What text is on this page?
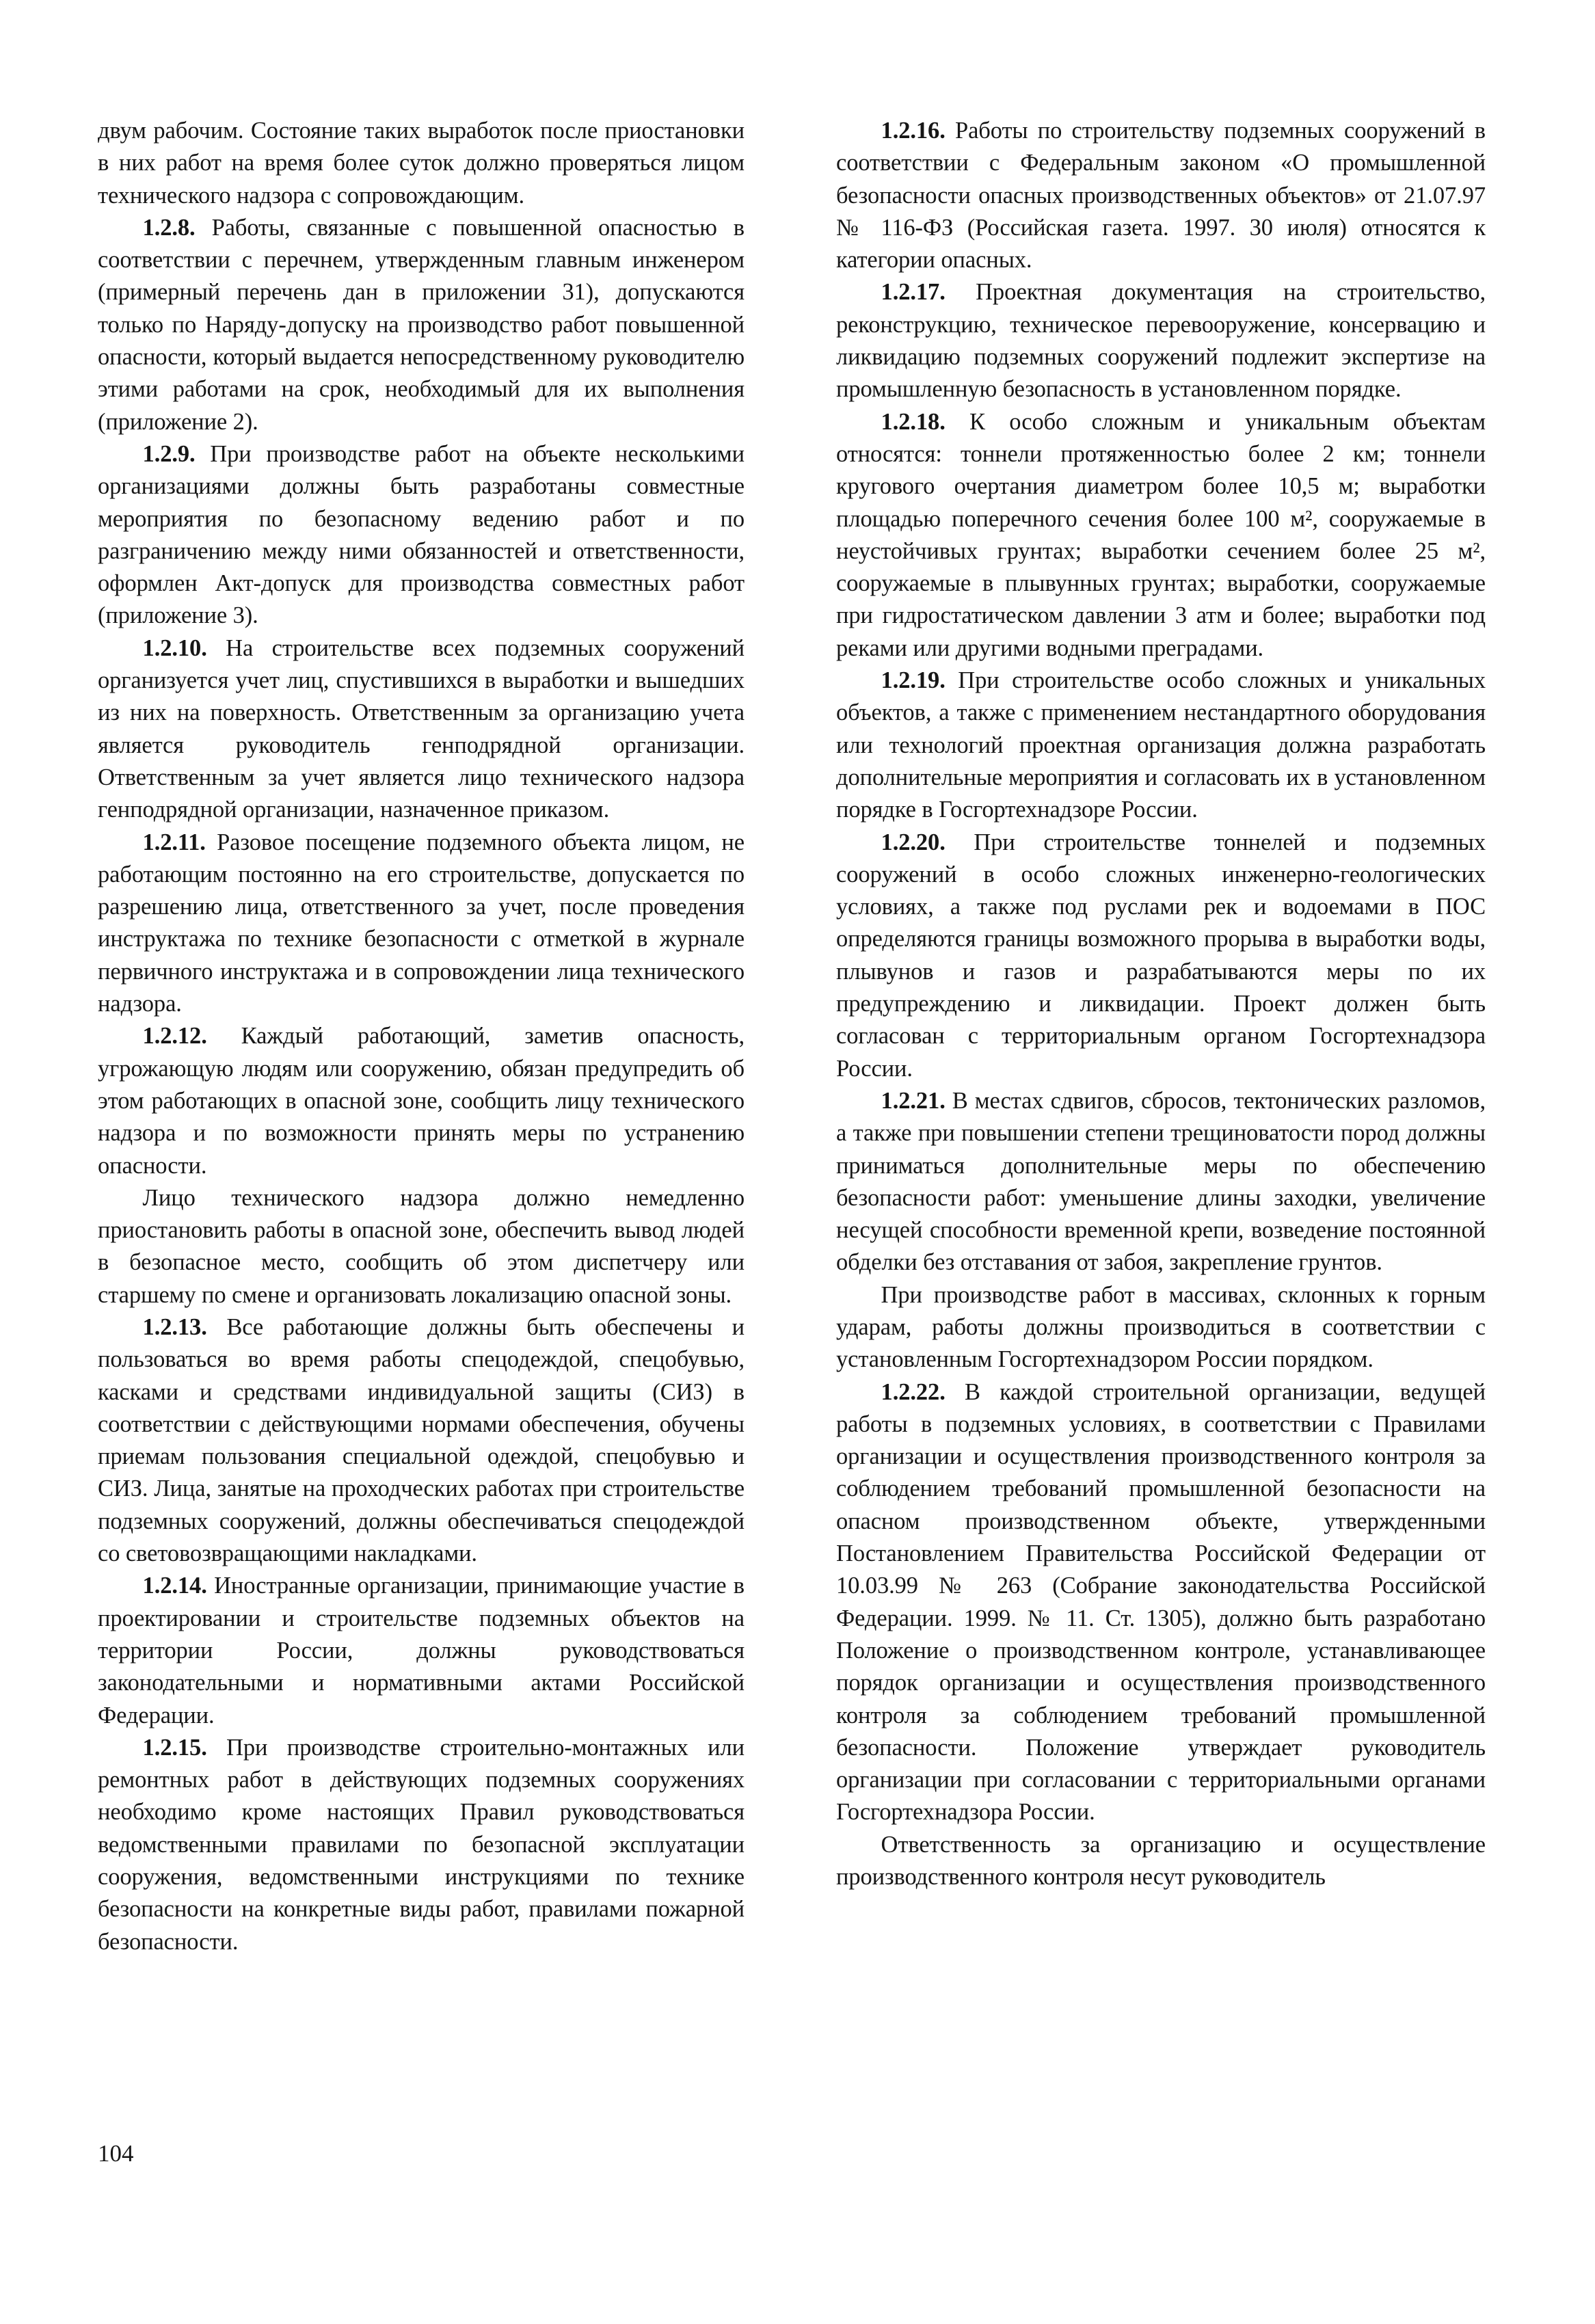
двум рабочим. Состояние таких выработок после приостановки в них работ на время более суток должно проверяться лицом технического надзора с сопровождающим.

1.2.8. Работы, связанные с повышенной опасностью в соответствии с перечнем, утвержденным главным инженером (примерный перечень дан в приложении 31), допускаются только по Наряду-допуску на производство работ повышенной опасности, который выдается непосредственному руководителю этими работами на срок, необходимый для их выполнения (приложение 2).

1.2.9. При производстве работ на объекте несколькими организациями должны быть разработаны совместные мероприятия по безопасному ведению работ и по разграничению между ними обязанностей и ответственности, оформлен Акт-допуск для производства совместных работ (приложение 3).

1.2.10. На строительстве всех подземных сооружений организуется учет лиц, спустившихся в выработки и вышедших из них на поверхность. Ответственным за организацию учета является руководитель генподрядной организации. Ответственным за учет является лицо технического надзора генподрядной организации, назначенное приказом.

1.2.11. Разовое посещение подземного объекта лицом, не работающим постоянно на его строительстве, допускается по разрешению лица, ответственного за учет, после проведения инструктажа по технике безопасности с отметкой в журнале первичного инструктажа и в сопровождении лица технического надзора.

1.2.12. Каждый работающий, заметив опасность, угрожающую людям или сооружению, обязан предупредить об этом работающих в опасной зоне, сообщить лицу технического надзора и по возможности принять меры по устранению опасности.

Лицо технического надзора должно немедленно приостановить работы в опасной зоне, обеспечить вывод людей в безопасное место, сообщить об этом диспетчеру или старшему по смене и организовать локализацию опасной зоны.

1.2.13. Все работающие должны быть обеспечены и пользоваться во время работы спецодеждой, спецобувью, касками и средствами индивидуальной защиты (СИЗ) в соответствии с действующими нормами обеспечения, обучены приемам пользования специальной одеждой, спецобувью и СИЗ. Лица, занятые на проходческих работах при строительстве подземных сооружений, должны обеспечиваться спецодеждой со световозвращающими накладками.

1.2.14. Иностранные организации, принимающие участие в проектировании и строительстве подземных объектов на территории России, должны руководствоваться законодательными и нормативными актами Российской Федерации.

1.2.15. При производстве строительно-монтажных или ремонтных работ в действующих подземных сооружениях необходимо кроме настоящих Правил руководствоваться ведомственными правилами по безопасной эксплуатации сооружения, ведомственными инструкциями по технике безопасности на конкретные виды работ, правилами пожарной безопасности.

1.2.16. Работы по строительству подземных сооружений в соответствии с Федеральным законом «О промышленной безопасности опасных производственных объектов» от 21.07.97 № 116-ФЗ (Российская газета. 1997. 30 июля) относятся к категории опасных.

1.2.17. Проектная документация на строительство, реконструкцию, техническое перевооружение, консервацию и ликвидацию подземных сооружений подлежит экспертизе на промышленную безопасность в установленном порядке.

1.2.18. К особо сложным и уникальным объектам относятся: тоннели протяженностью более 2 км; тоннели кругового очертания диаметром более 10,5 м; выработки площадью поперечного сечения более 100 м², сооружаемые в неустойчивых грунтах; выработки сечением более 25 м², сооружаемые в плывунных грунтах; выработки, сооружаемые при гидростатическом давлении 3 атм и более; выработки под реками или другими водными преградами.

1.2.19. При строительстве особо сложных и уникальных объектов, а также с применением нестандартного оборудования или технологий проектная организация должна разработать дополнительные мероприятия и согласовать их в установленном порядке в Госгортехнадзоре России.

1.2.20. При строительстве тоннелей и подземных сооружений в особо сложных инженерно-геологических условиях, а также под руслами рек и водоемами в ПОС определяются границы возможного прорыва в выработки воды, плывунов и газов и разрабатываются меры по их предупреждению и ликвидации. Проект должен быть согласован с территориальным органом Госгортехнадзора России.

1.2.21. В местах сдвигов, сбросов, тектонических разломов, а также при повышении степени трещиноватости пород должны приниматься дополнительные меры по обеспечению безопасности работ: уменьшение длины заходки, увеличение несущей способности временной крепи, возведение постоянной обделки без отставания от забоя, закрепление грунтов.

При производстве работ в массивах, склонных к горным ударам, работы должны производиться в соответствии с установленным Госгортехнадзором России порядком.

1.2.22. В каждой строительной организации, ведущей работы в подземных условиях, в соответствии с Правилами организации и осуществления производственного контроля за соблюдением требований промышленной безопасности на опасном производственном объекте, утвержденными Постановлением Правительства Российской Федерации от 10.03.99 № 263 (Собрание законодательства Российской Федерации. 1999. № 11. Ст. 1305), должно быть разработано Положение о производственном контроле, устанавливающее порядок организации и осуществления производственного контроля за соблюдением требований промышленной безопасности. Положение утверждает руководитель организации при согласовании с территориальными органами Госгортехнадзора России.

Ответственность за организацию и осуществление производственного контроля несут руководитель

104
